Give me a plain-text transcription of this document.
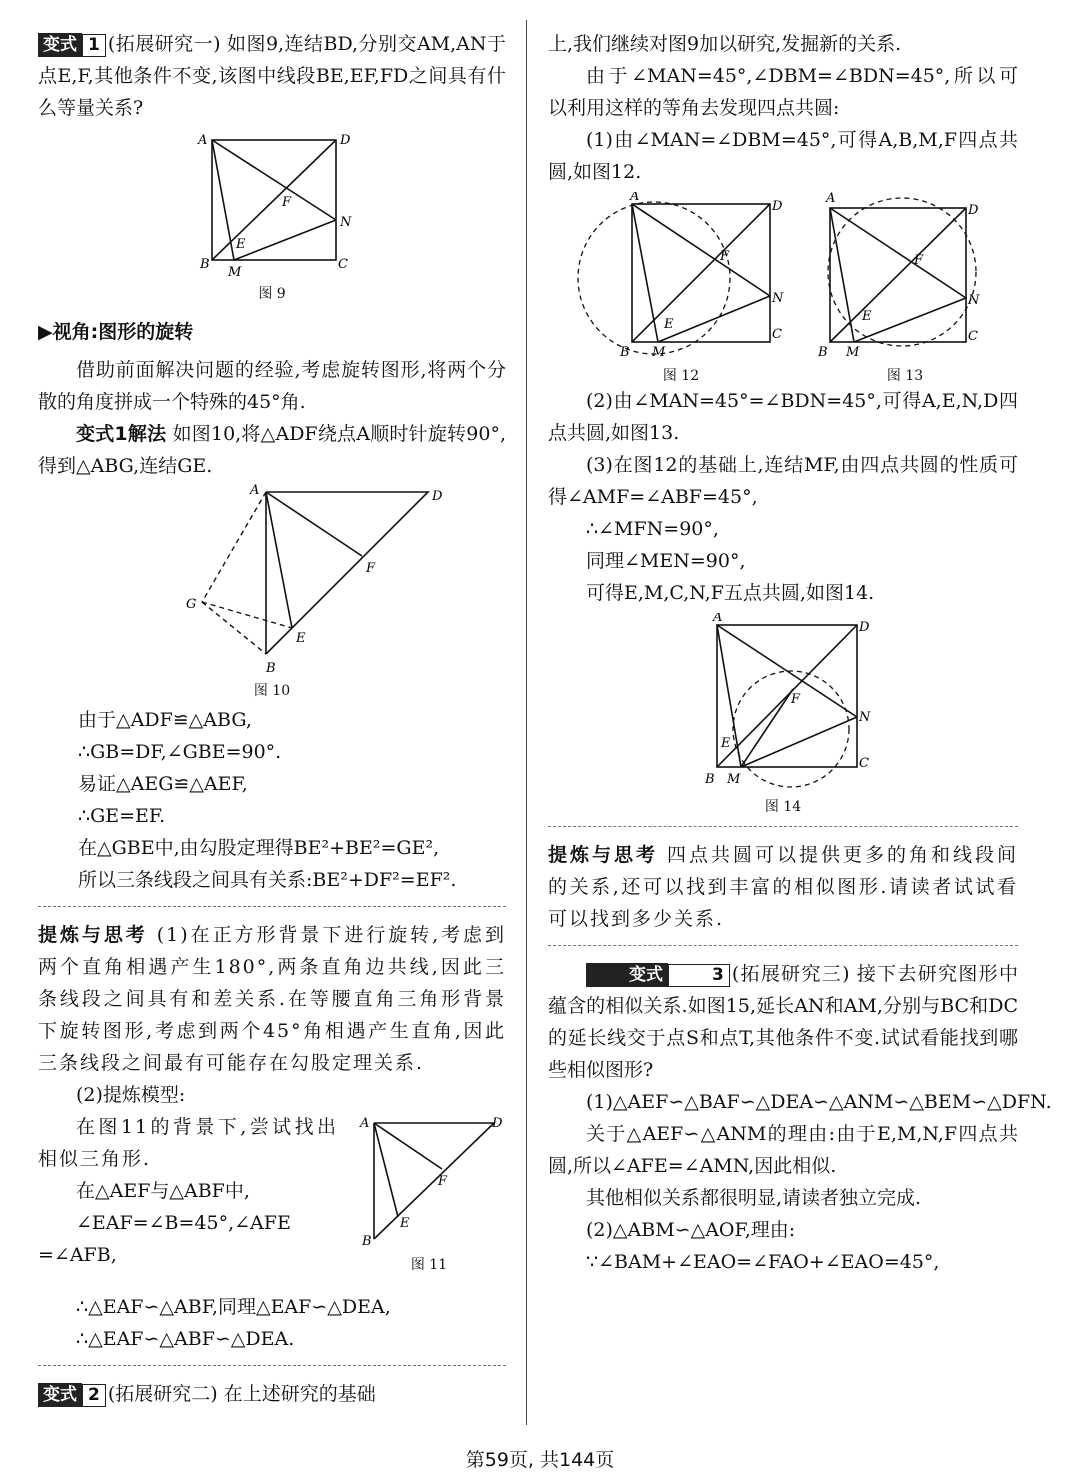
变式 1 (拓展研究一) 如图9,连结BD,分别交AM,AN于点E,F,其他条件不变,该图中线段BE,EF,FD之间具有什么等量关系?

A	D
F
N
E
B
M
C
图 9
▶视角:图形的旋转

借助前面解决问题的经验,考虑旋转图形,将两个分散的角度拼成一个特殊的45°角.

变式1解法 如图10,将△ADF绕点A顺时针旋转90°,得到△ABG,连结GE.

A	D
F
G
E
B
图 10

由于△ADF≌△ABG,

∴GB=DF,∠GBE=90°.

易证△AEG≌△AEF,

∴GE=EF.

在△GBE中,由勾股定理得BE²+BE²=GE²,

所以三条线段之间具有关系:BE²+DF²=EF².

提炼与思考 (1)在正方形背景下进行旋转,考虑到两个直角相遇产生180°,两条直角边共线,因此三条线段之间具有和差关系.在等腰直角三角形背景下旋转图形,考虑到两个45°角相遇产生直角,因此三条线段之间最有可能存在勾股定理关系.

(2)提炼模型:

在图11的背景下,尝试找出相似三角形.

在△AEF与△ABF中,

∠EAF=∠B=45°,∠AFE

=∠AFB,

A	D
F
E
B
图 11

∴△EAF∽△ABF,同理△EAF∽△DEA,

∴△EAF∽△ABF∽△DEA.

变式 2 (拓展研究二) 在上述研究的基础

上,我们继续对图9加以研究,发掘新的关系.

由于∠MAN=45°,∠DBM=∠BDN=45°,所以可以利用这样的等角去发现四点共圆:

(1)由∠MAN=∠DBM=45°,可得A,B,M,F四点共圆,如图12.

A
D
F
N
E
C
B M
图 12
A
D
F
N
E
C
B M
图 13

(2)由∠MAN=45°=∠BDN=45°,可得A,E,N,D四点共圆,如图13.

(3)在图12的基础上,连结MF,由四点共圆的性质可得∠AMF=∠ABF=45°,

∴∠MFN=90°,

同理∠MEN=90°,

可得E,M,C,N,F五点共圆,如图14.

A
D
F
N
E
C
B M
图 14

提炼与思考 四点共圆可以提供更多的角和线段间的关系,还可以找到丰富的相似图形.请读者试试看可以找到多少关系.

变式	3 (拓展研究三) 接下去研究图形中蕴含的相似关系.如图15,延长AN和AM,分别与BC和DC的延长线交于点S和点T,其他条件不变.试试看能找到哪些相似图形?

(1)△AEF∽△BAF∽△DEA∽△ANM∽△BEM∽△DFN.

关于△AEF∽△ANM的理由:由于E,M,N,F四点共圆,所以∠AFE=∠AMN,因此相似.

其他相似关系都很明显,请读者独立完成.

(2)△ABM∽△AOF,理由:

∵∠BAM+∠EAO=∠FAO+∠EAO=45°,

第59页, 共144页
